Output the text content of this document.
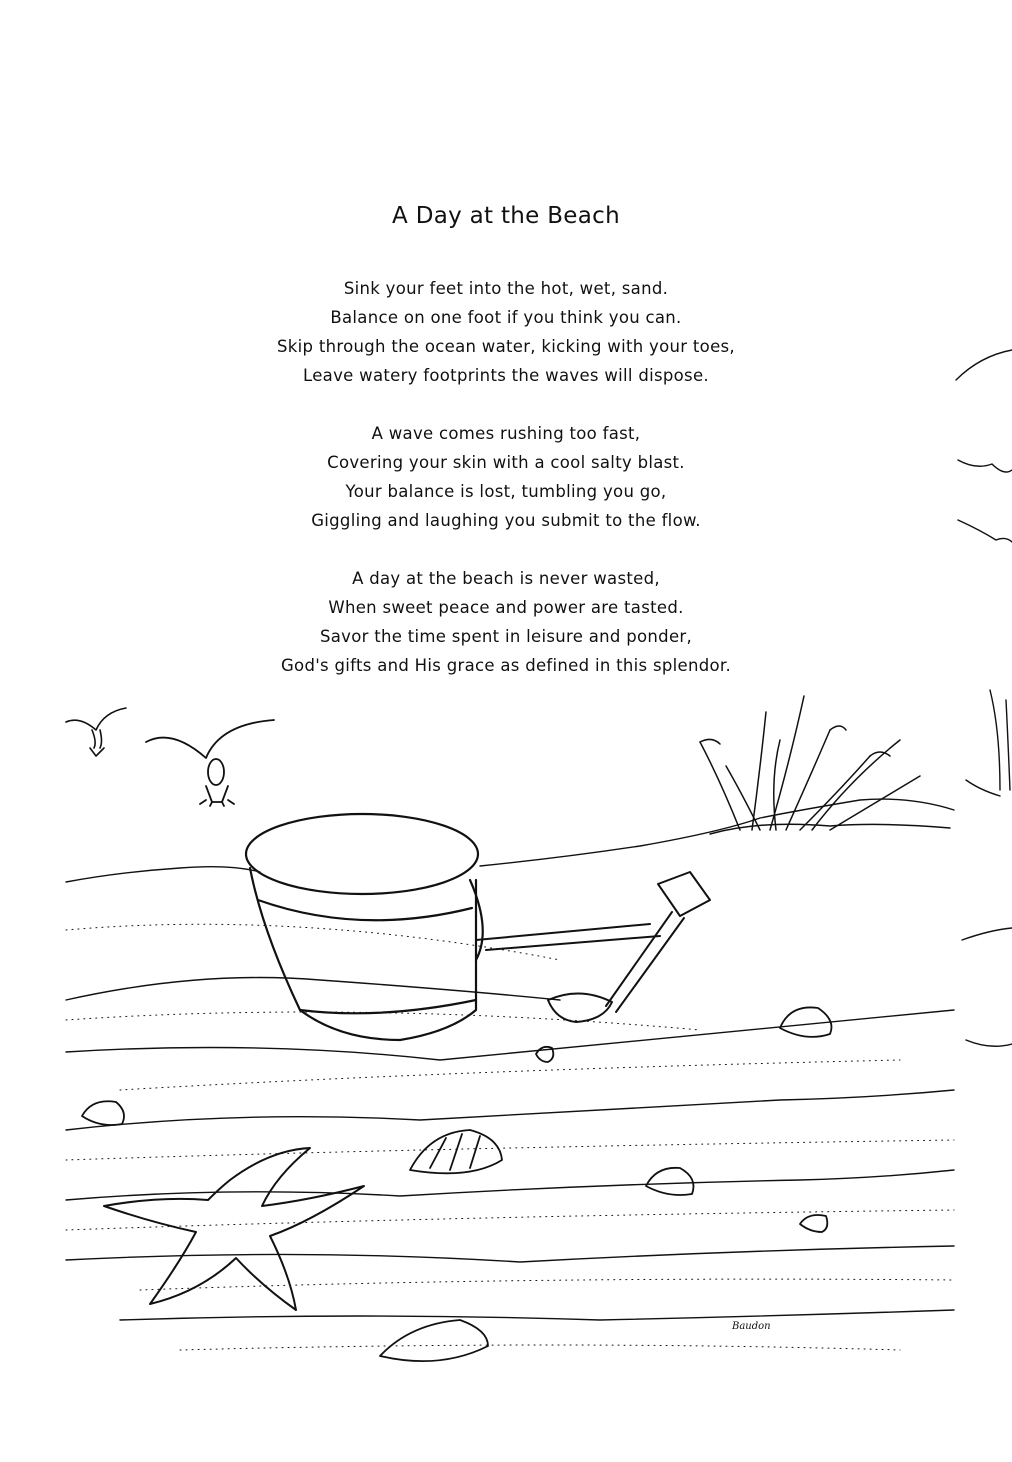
A Day at the Beach
Sink your feet into the hot, wet, sand.
Balance on one foot if you think you can.
Skip through the ocean water, kicking with your toes,
Leave watery footprints the waves will dispose.
A wave comes rushing too fast,
Covering your skin with a cool salty blast.
Your balance is lost, tumbling you go,
Giggling and laughing you submit to the flow.
A day at the beach is never wasted,
When sweet peace and power are tasted.
Savor the time spent in leisure and ponder,
God's gifts and His grace as defined in this splendor.
Baudon
